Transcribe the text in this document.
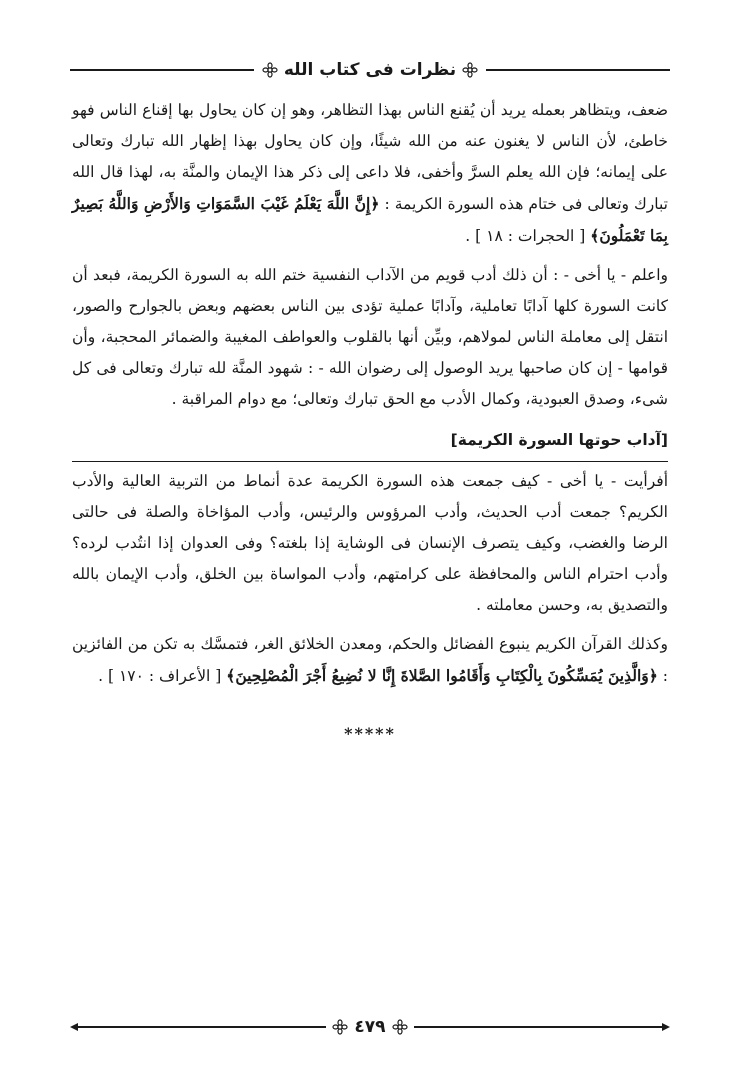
نظرات فى كتاب الله

ضعف، ويتظاهر بعمله يريد أن يُقنع الناس بهذا التظاهر، وهو إن كان يحاول بها إقناع الناس فهو خاطئ، لأن الناس لا يغنون عنه من الله شيئًا، وإن كان يحاول بهذا إظهار الله تبارك وتعالى على إيمانه؛ فإن الله يعلم السرَّ وأخفى، فلا داعى إلى ذكر هذا الإيمان والمنَّة به، لهذا قال الله تبارك وتعالى فى ختام هذه السورة الكريمة : ﴿إِنَّ اللَّهَ يَعْلَمُ غَيْبَ السَّمَوَاتِ وَالأَرْضِ وَاللَّهُ بَصِيرٌ بِمَا تَعْمَلُونَ﴾ [ الحجرات : ١٨ ] .

واعلم - يا أخى - : أن ذلك أدب قويم من الآداب النفسية ختم الله به السورة الكريمة، فبعد أن كانت السورة كلها آدابًا تعاملية، وآدابًا عملية تؤدى بين الناس بعضهم وبعض بالجوارح والصور، انتقل إلى معاملة الناس لمولاهم، وبيِّن أنها بالقلوب والعواطف المغيبة والضمائر المحجبة، وأن قوامها - إن كان صاحبها يريد الوصول إلى رضوان الله - : شهود المنَّة لله تبارك وتعالى فى كل شىء، وصدق العبودية، وكمال الأدب مع الحق تبارك وتعالى؛ مع دوام المراقبة .

[آداب حوتها السورة الكريمة]

أفرأيت - يا أخى - كيف جمعت هذه السورة الكريمة عدة أنماط من التربية العالية والأدب الكريم؟ جمعت أدب الحديث، وأدب المرؤوس والرئيس، وأدب المؤاخاة والصلة فى حالتى الرضا والغضب، وكيف يتصرف الإنسان فى الوشاية إذا بلغته؟ وفى العدوان إذا انتُدب لرده؟ وأدب احترام الناس والمحافظة على كرامتهم، وأدب المواساة بين الخلق، وأدب الإيمان بالله والتصديق به، وحسن معاملته .

وكذلك القرآن الكريم ينبوع الفضائل والحكم، ومعدن الخلائق الغر، فتمسَّك به تكن من الفائزين : ﴿وَالَّذِينَ يُمَسِّكُونَ بِالْكِتَابِ وَأَقَامُوا الصَّلاةَ إِنَّا لا نُضِيعُ أَجْرَ الْمُصْلِحِينَ﴾ [ الأعراف : ١٧٠ ] .

*****
٤٧٩
